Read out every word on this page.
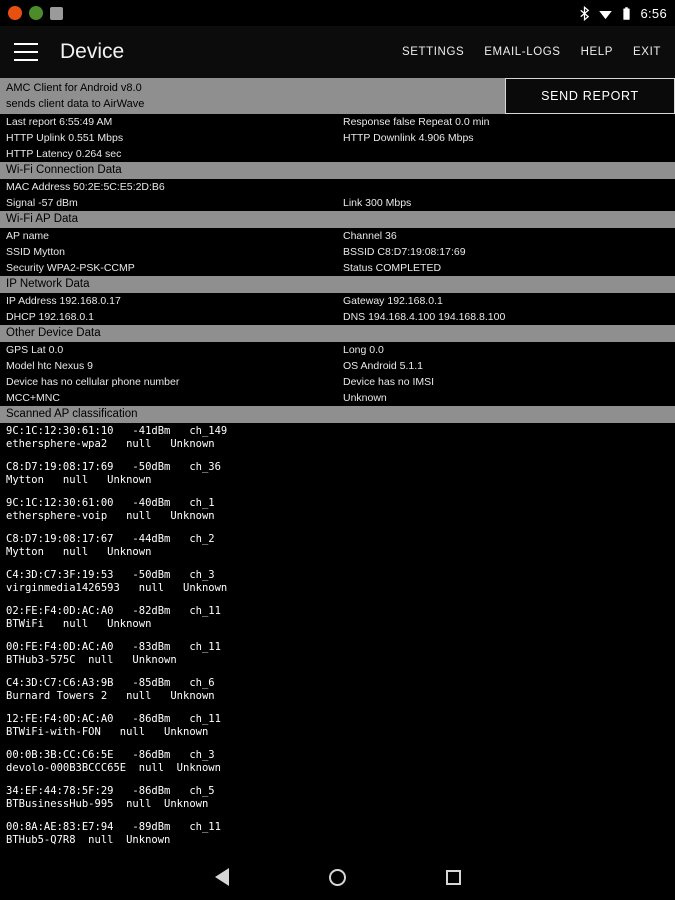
6:56
Device	SETTINGS EMAIL-LOGS HELP EXIT
AMC Client for Android v8.0
sends client data to AirWave
SEND REPORT
Last report 6:55:49 AM	Response false Repeat 0.0 min
HTTP Uplink 0.551 Mbps	HTTP Downlink 4.906 Mbps
HTTP Latency 0.264 sec
Wi-Fi Connection Data
MAC Address 50:2E:5C:E5:2D:B6
Signal -57 dBm	Link 300 Mbps
Wi-Fi AP Data
AP name	Channel 36
SSID Mytton	BSSID C8:D7:19:08:17:69
Security WPA2-PSK-CCMP	Status COMPLETED
IP Network Data
IP Address 192.168.0.17	Gateway 192.168.0.1
DHCP 192.168.0.1	DNS 194.168.4.100 194.168.8.100
Other Device Data
GPS Lat 0.0	Long 0.0
Model htc Nexus 9	OS Android 5.1.1
Device has no cellular phone number	Device has no IMSI
MCC+MNC	Unknown
Scanned AP classification
9C:1C:12:30:61:10   -41dBm   ch_149
ethersphere-wpa2   null   Unknown
C8:D7:19:08:17:69   -50dBm   ch_36
Mytton   null   Unknown
9C:1C:12:30:61:00   -40dBm   ch_1
ethersphere-voip   null   Unknown
C8:D7:19:08:17:67   -44dBm   ch_2
Mytton   null   Unknown
C4:3D:C7:3F:19:53   -50dBm   ch_3
virginmedia1426593   null   Unknown
02:FE:F4:0D:AC:A0   -82dBm   ch_11
BTWiFi   null   Unknown
00:FE:F4:0D:AC:A0   -83dBm   ch_11
BTHub3-575C  null   Unknown
C4:3D:C7:C6:A3:9B   -85dBm   ch_6
Burnard Towers 2   null   Unknown
12:FE:F4:0D:AC:A0   -86dBm   ch_11
BTWiFi-with-FON   null   Unknown
00:0B:3B:CC:C6:5E   -86dBm   ch_3
devolo-000B3BCCC65E  null  Unknown
34:EF:44:78:5F:29   -86dBm   ch_5
BTBusinessHub-995  null  Unknown
00:8A:AE:83:E7:94   -89dBm   ch_11
BTHub5-Q7R8  null  Unknown
